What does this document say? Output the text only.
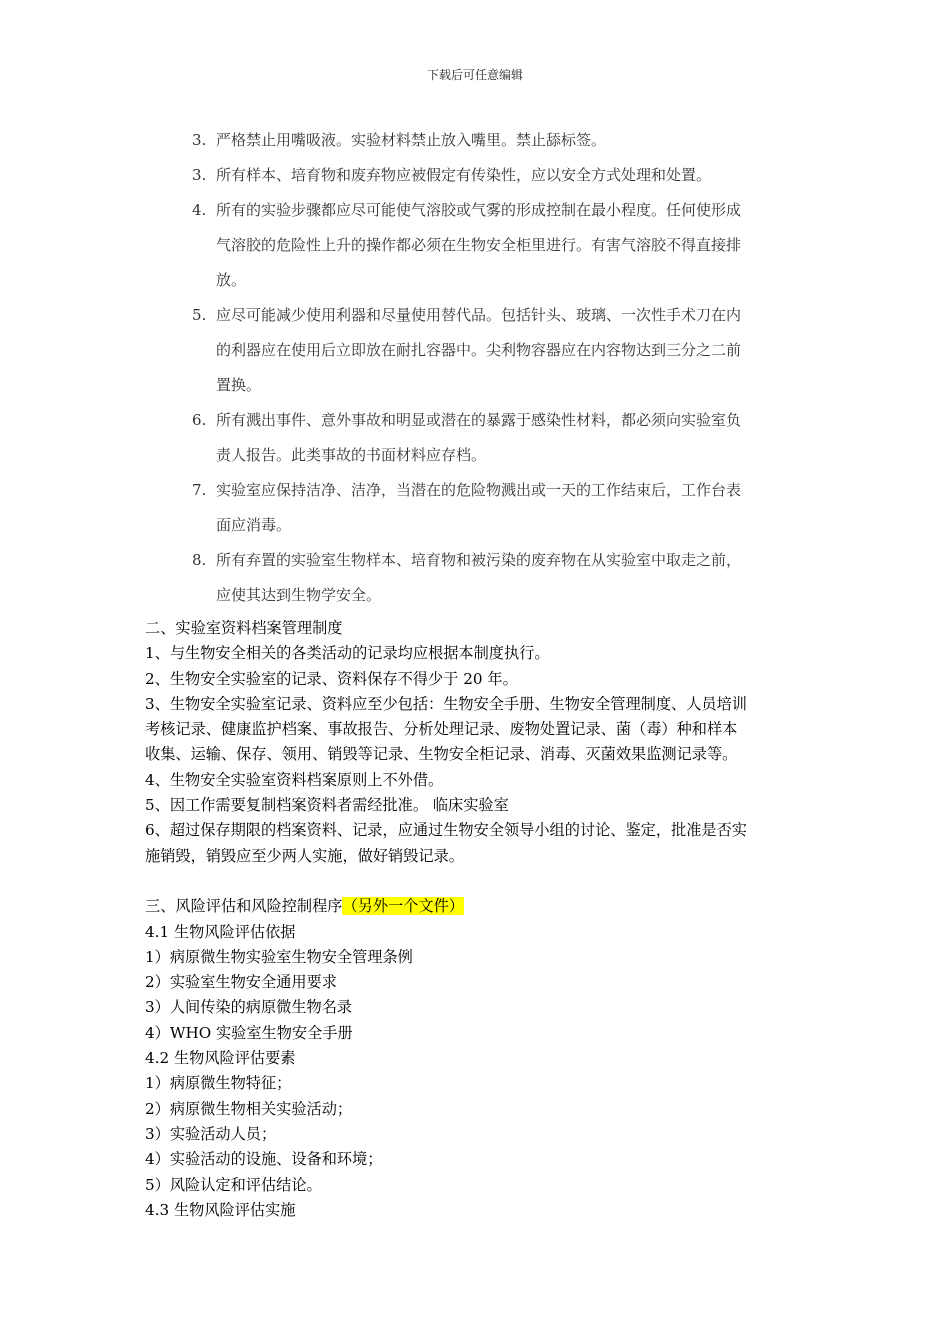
下载后可任意编辑
3. 严格禁止用嘴吸液。实验材料禁止放入嘴里。禁止舔标签。
3. 所有样本、培育物和废弃物应被假定有传染性，应以安全方式处理和处置。
4. 所有的实验步骤都应尽可能使气溶胶或气雾的形成控制在最小程度。任何使形成
气溶胶的危险性上升的操作都必须在生物安全柜里进行。有害气溶胶不得直接排
放。
5. 应尽可能减少使用利器和尽量使用替代品。包括针头、玻璃、一次性手术刀在内
的利器应在使用后立即放在耐扎容器中。尖利物容器应在内容物达到三分之二前
置换。
6. 所有溅出事件、意外事故和明显或潜在的暴露于感染性材料，都必须向实验室负
责人报告。此类事故的书面材料应存档。
7. 实验室应保持洁净、洁净，当潜在的危险物溅出或一天的工作结束后，工作台表
面应消毒。
8. 所有弃置的实验室生物样本、培育物和被污染的废弃物在从实验室中取走之前，
应使其达到生物学安全。
二、实验室资料档案管理制度
1、与生物安全相关的各类活动的记录均应根据本制度执行。
2、生物安全实验室的记录、资料保存不得少于 20 年。
3、生物安全实验室记录、资料应至少包括：生物安全手册、生物安全管理制度、人员培训
考核记录、健康监护档案、事故报告、分析处理记录、废物处置记录、菌（毒）种和样本
收集、运输、保存、领用、销毁等记录、生物安全柜记录、消毒、灭菌效果监测记录等。
4、生物安全实验室资料档案原则上不外借。
5、因工作需要复制档案资料者需经批准。 临床实验室
6、超过保存期限的档案资料、记录，应通过生物安全领导小组的讨论、鉴定，批准是否实
施销毁，销毁应至少两人实施，做好销毁记录。
三、风险评估和风险控制程序（另外一个文件）
4.1 生物风险评估依据
1）病原微生物实验室生物安全管理条例
2）实验室生物安全通用要求
3）人间传染的病原微生物名录
4）WHO 实验室生物安全手册
4.2 生物风险评估要素
1）病原微生物特征；
2）病原微生物相关实验活动；
3）实验活动人员；
4）实验活动的设施、设备和环境；
5）风险认定和评估结论。
4.3 生物风险评估实施
